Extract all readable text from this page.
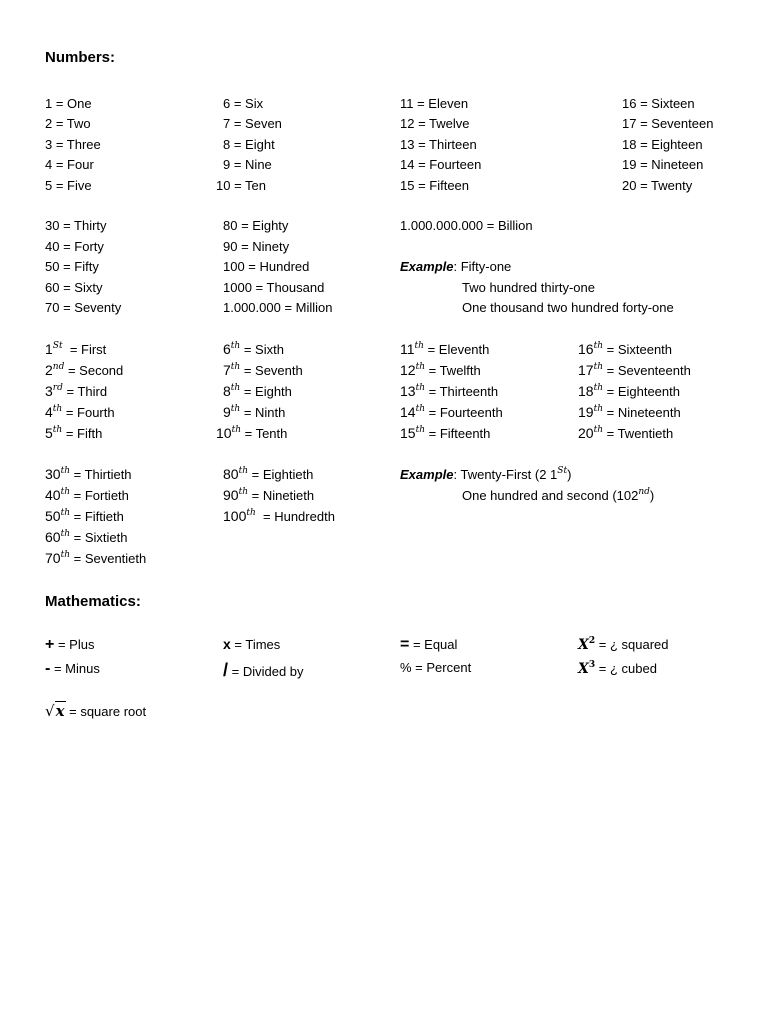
Numbers:
1 = One	6 = Six	11 = Eleven	16 = Sixteen
2 = Two	7 = Seven	12 = Twelve	17 = Seventeen
3 = Three	8 = Eight	13 = Thirteen	18 = Eighteen
4 = Four	9 = Nine	14 = Fourteen	19 = Nineteen
5 = Five	10 = Ten	15 = Fifteen	20 = Twenty
30 = Thirty	80 = Eighty	1.000.000.000 = Billion
40 = Forty	90 = Ninety
50 = Fifty	100 = Hundred	Example: Fifty-one
60 = Sixty	1000 = Thousand	Two hundred thirty-one
70 = Seventy	1.000.000 = Million	One thousand two hundred forty-one
1St  = First	6th = Sixth	11th = Eleventh	16th = Sixteenth
2nd = Second	7th = Seventh	12th = Twelfth	17th = Seventeenth
3rd = Third	8th = Eighth	13th = Thirteenth	18th = Eighteenth
4th = Fourth	9th = Ninth	14th = Fourteenth	19th = Nineteenth
5th = Fifth	10th = Tenth	15th = Fifteenth	20th = Twentieth
30th = Thirtieth	80th = Eightieth	Example: Twenty-First (2 1St)
40th = Fortieth	90th = Ninetieth	One hundred and second (102nd)
50th = Fiftieth	100th  = Hundredth
60th = Sixtieth
70th = Seventieth
Mathematics:
+ = Plus	x = Times	= = Equal	$X^2$ = ¿ squared
- = Minus	/ = Divided by	% = Percent	$X^3$ = ¿ cubed
√x = square root
